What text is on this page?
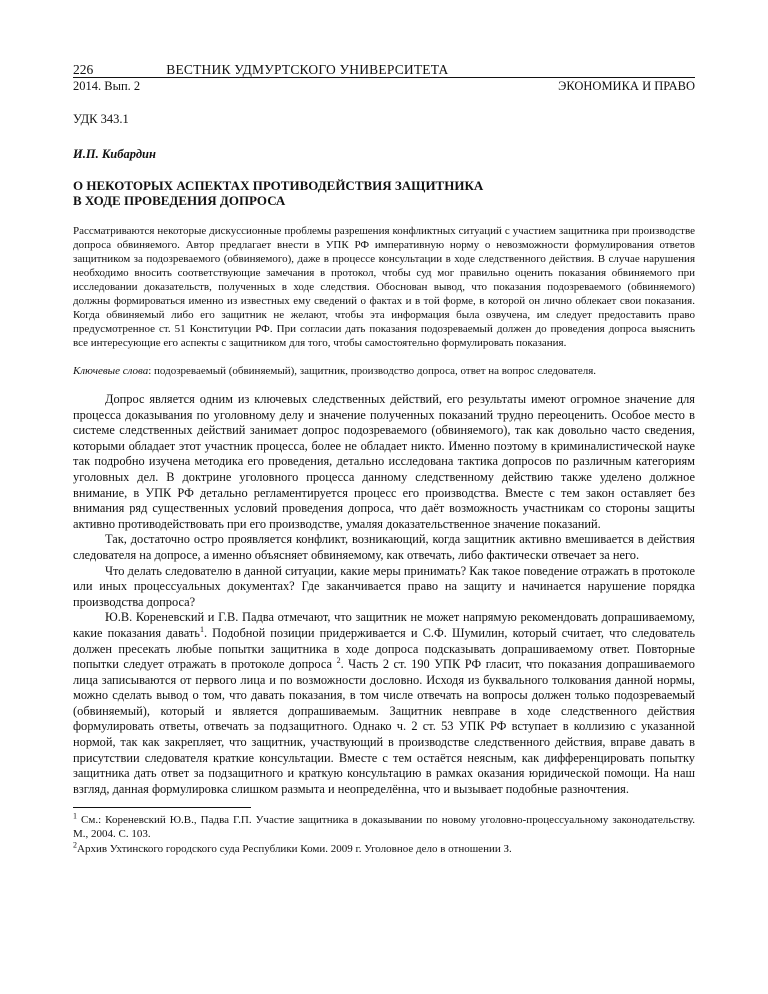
226	ВЕСТНИК УДМУРТСКОГО УНИВЕРСИТЕТА
2014. Вып. 2	ЭКОНОМИКА И ПРАВО
УДК 343.1
И.П. Кибардин
О НЕКОТОРЫХ АСПЕКТАХ ПРОТИВОДЕЙСТВИЯ ЗАЩИТНИКА
В ХОДЕ ПРОВЕДЕНИЯ ДОПРОСА
Рассматриваются некоторые дискуссионные проблемы разрешения конфликтных ситуаций с участием защитника при производстве допроса обвиняемого. Автор предлагает внести в УПК РФ императивную норму о невозможности формулирования ответов защитником за подозреваемого (обвиняемого), даже в процессе консультации в ходе следственного действия. В случае нарушения необходимо вносить соответствующие замечания в протокол, чтобы суд мог правильно оценить показания обвиняемого при исследовании доказательств, полученных в ходе следствия. Обоснован вывод, что показания подозреваемого (обвиняемого) должны формироваться именно из известных ему сведений о фактах и в той форме, в которой он лично облекает свои показания. Когда обвиняемый либо его защитник не желают, чтобы эта информация была озвучена, им следует предоставить право предусмотренное ст. 51 Конституции РФ. При согласии дать показания подозреваемый должен до проведения допроса выяснить все интересующие его аспекты с защитником для того, чтобы самостоятельно формулировать показания.
Ключевые слова: подозреваемый (обвиняемый), защитник, производство допроса, ответ на вопрос следователя.

Допрос является одним из ключевых следственных действий, его результаты имеют огромное значение для процесса доказывания по уголовному делу и значение полученных показаний трудно переоценить. Особое место в системе следственных действий занимает допрос подозреваемого (обвиняемого), так как довольно часто сведения, которыми обладает этот участник процесса, более не обладает никто. Именно поэтому в криминалистической науке так подробно изучена методика его проведения, детально исследована тактика допросов по различным категориям уголовных дел. В доктрине уголовного процесса данному следственному действию также уделено должное внимание, в УПК РФ детально регламентируется процесс его производства. Вместе с тем закон оставляет без внимания ряд существенных условий проведения допроса, что даёт возможность участникам со стороны защиты активно противодействовать при его производстве, умаляя доказательственное значение показаний.

Так, достаточно остро проявляется конфликт, возникающий, когда защитник активно вмешивается в действия следователя на допросе, а именно объясняет обвиняемому, как отвечать, либо фактически отвечает за него.

Что делать следователю в данной ситуации, какие меры принимать? Как такое поведение отражать в протоколе или иных процессуальных документах? Где заканчивается право на защиту и начинается нарушение порядка производства допроса?

Ю.В. Кореневский и Г.В. Падва отмечают, что защитник не может напрямую рекомендовать допрашиваемому, какие показания давать$^1$. Подобной позиции придерживается и С.Ф. Шумилин, который считает, что следователь должен пресекать любые попытки защитника в ходе допроса подсказывать допрашиваемому ответ. Повторные попытки следует отражать в протоколе допроса $^2$. Часть 2 ст. 190 УПК РФ гласит, что показания допрашиваемого лица записываются от первого лица и по возможности дословно. Исходя из буквального толкования данной нормы, можно сделать вывод о том, что давать показания, в том числе отвечать на вопросы должен только подозреваемый (обвиняемый), который и является допрашиваемым. Защитник невправе в ходе следственного действия формулировать ответы, отвечать за подзащитного. Однако ч. 2 ст. 53 УПК РФ вступает в коллизию с указанной нормой, так как закрепляет, что защитник, участвующий в производстве следственного действия, вправе давать в присутствии следователя краткие консультации. Вместе с тем остаётся неясным, как дифференцировать попытку защитника дать ответ за подзащитного и краткую консультацию в рамках оказания юридической помощи. На наш взгляд, данная формулировка слишком размыта и неопределённа, что и вызывает подобные разночтения.

$^1$ См.: Кореневский Ю.В., Падва Г.П. Участие защитника в доказывании по новому уголовно-процессуальному законодательству. М., 2004. С. 103.

$^2$Архив Ухтинского городского суда Республики Коми. 2009 г. Уголовное дело в отношении З.
